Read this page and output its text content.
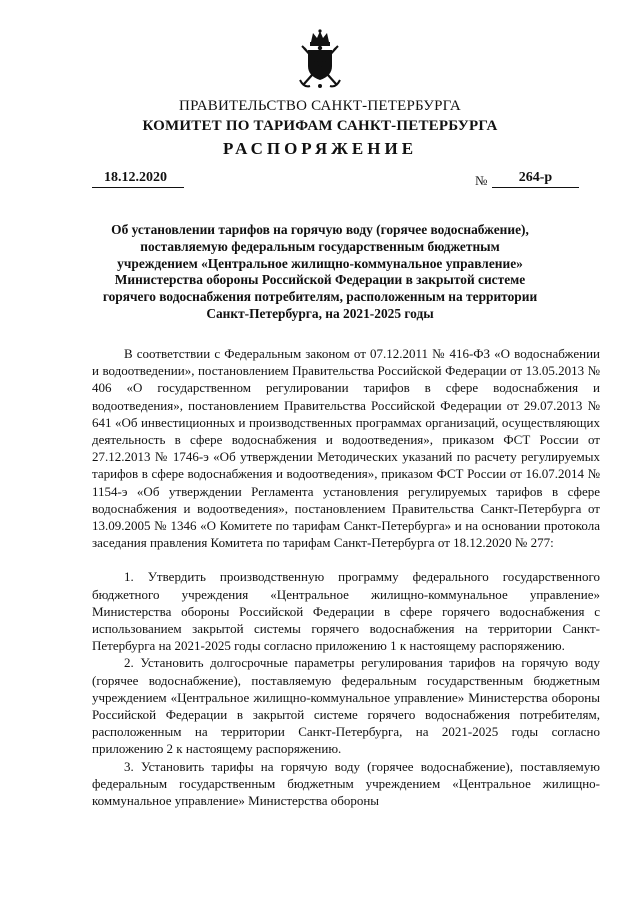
ПРАВИТЕЛЬСТВО САНКТ-ПЕТЕРБУРГА
КОМИТЕТ ПО ТАРИФАМ САНКТ-ПЕТЕРБУРГА
РАСПОРЯЖЕНИЕ
18.12.2020	№	264-р
Об установлении тарифов на горячую воду (горячее водоснабжение), поставляемую федеральным государственным бюджетным учреждением «Центральное жилищно-коммунальное управление» Министерства обороны Российской Федерации в закрытой системе горячего водоснабжения потребителям, расположенным на территории Санкт-Петербурга, на 2021-2025 годы

В соответствии с Федеральным законом от 07.12.2011 № 416-ФЗ «О водоснабжении и водоотведении», постановлением Правительства Российской Федерации от 13.05.2013 № 406 «О государственном регулировании тарифов в сфере водоснабжения и водоотведения», постановлением Правительства Российской Федерации от 29.07.2013 № 641 «Об инвестиционных и производственных программах организаций, осуществляющих деятельность в сфере водоснабжения и водоотведения», приказом ФСТ России от 27.12.2013 № 1746-э «Об утверждении Методических указаний по расчету регулируемых тарифов в сфере водоснабжения и водоотведения», приказом ФСТ России от 16.07.2014 № 1154-э «Об утверждении Регламента установления регулируемых тарифов в сфере водоснабжения и водоотведения», постановлением Правительства Санкт-Петербурга от 13.09.2005 № 1346 «О Комитете по тарифам Санкт-Петербурга» и на основании протокола заседания правления Комитета по тарифам Санкт-Петербурга от 18.12.2020 № 277:

1. Утвердить производственную программу федерального государственного бюджетного учреждения «Центральное жилищно-коммунальное управление» Министерства обороны Российской Федерации в сфере горячего водоснабжения с использованием закрытой системы горячего водоснабжения на территории Санкт-Петербурга на 2021-2025 годы согласно приложению 1 к настоящему распоряжению.

2. Установить долгосрочные параметры регулирования тарифов на горячую воду (горячее водоснабжение), поставляемую федеральным государственным бюджетным учреждением «Центральное жилищно-коммунальное управление» Министерства обороны Российской Федерации в закрытой системе горячего водоснабжения потребителям, расположенным на территории Санкт-Петербурга, на 2021-2025 годы согласно приложению 2 к настоящему распоряжению.

3. Установить тарифы на горячую воду (горячее водоснабжение), поставляемую федеральным государственным бюджетным учреждением «Центральное жилищно-коммунальное управление» Министерства обороны
